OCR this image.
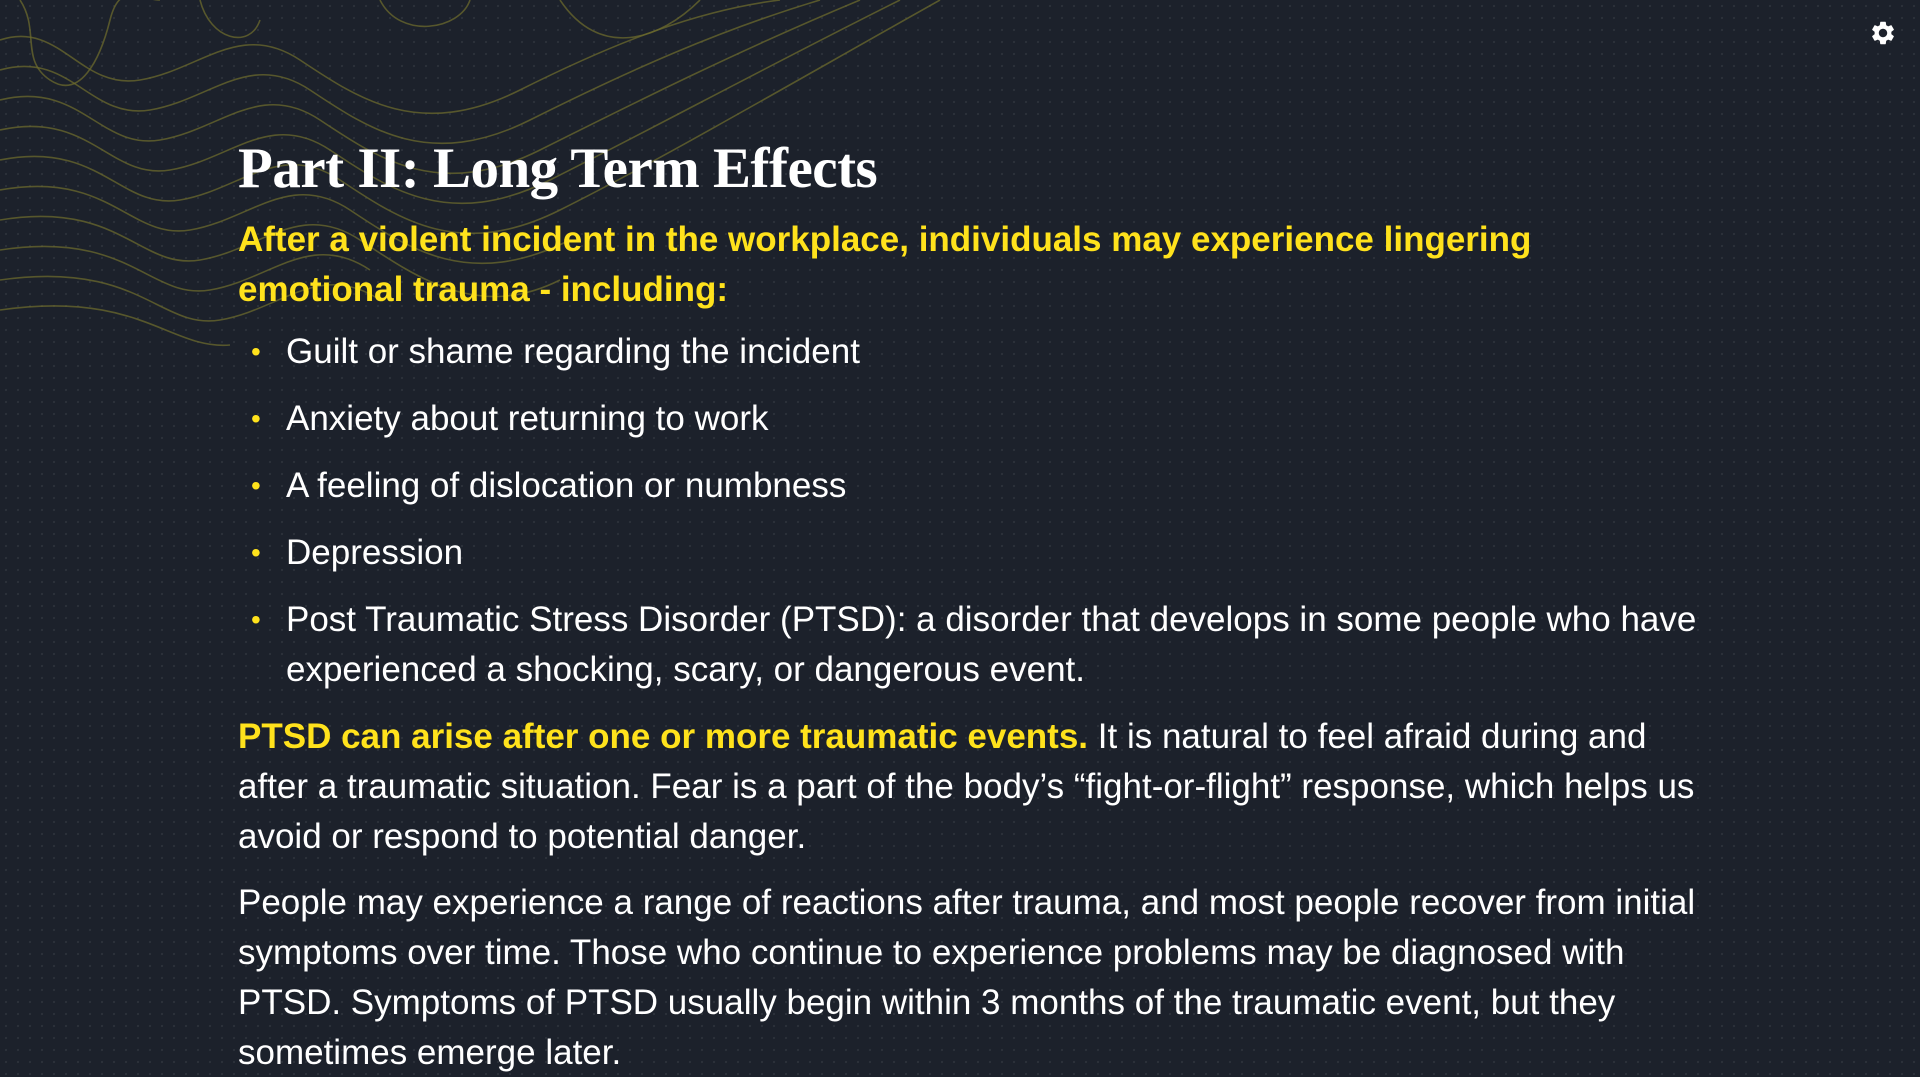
Part II: Long Term Effects

After a violent incident in the workplace, individuals may experience lingering emotional trauma - including:

• Guilt or shame regarding the incident
• Anxiety about returning to work
• A feeling of dislocation or numbness
• Depression
• Post Traumatic Stress Disorder (PTSD): a disorder that develops in some people who have experienced a shocking, scary, or dangerous event.

PTSD can arise after one or more traumatic events. It is natural to feel afraid during and after a traumatic situation. Fear is a part of the body’s “fight-or-flight” response, which helps us avoid or respond to potential danger.

People may experience a range of reactions after trauma, and most people recover from initial symptoms over time. Those who continue to experience problems may be diagnosed with PTSD. Symptoms of PTSD usually begin within 3 months of the traumatic event, but they sometimes emerge later.
